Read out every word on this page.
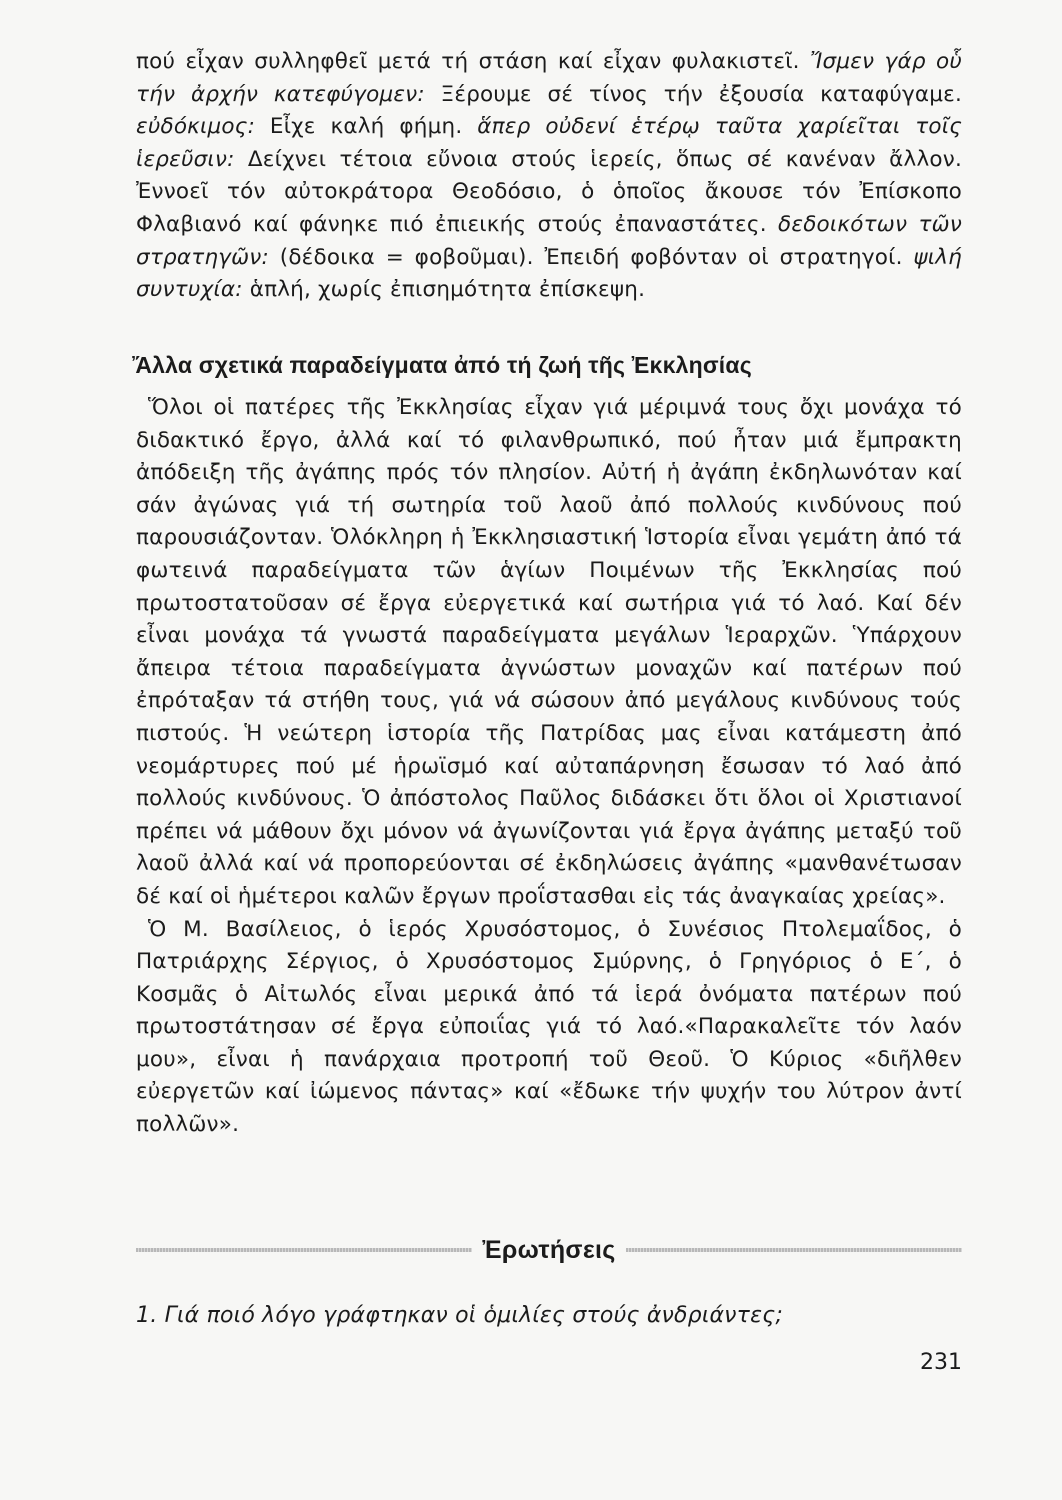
πού εἶχαν συλληφθεῖ μετά τή στάση καί εἶχαν φυλακιστεῖ. Ἴσμεν γάρ οὗ τήν ἀρχήν κατεφύγομεν: Ξέρουμε σέ τίνος τήν ἐξουσία καταφύγαμε. εὐδόκιμος: Εἶχε καλή φήμη. ἅπερ οὐδενί ἑτέρῳ ταῦτα χαρίεῖται τοῖς ἱερεῦσιν: Δείχνει τέτοια εὔνοια στούς ἱερείς, ὅπως σέ κανέναν ἄλλον. Ἐννοεῖ τόν αὐτοκράτορα Θεοδόσιο, ὁ ὁποῖος ἄκουσε τόν Ἐπίσκοπο Φλαβιανό καί φάνηκε πιό ἐπιεικής στούς ἐπαναστάτες. δεδοικότων τῶν στρατηγῶν: (δέδοικα = φοβοῦμαι). Ἐπειδή φοβόνταν οἱ στρατηγοί. ψιλή συντυχία: ἁπλή, χωρίς ἐπισημότητα ἐπίσκεψη.

Ἄλλα σχετικά παραδείγματα ἀπό τή ζωή τῆς Ἐκκλησίας

Ὅλοι οἱ πατέρες τῆς Ἐκκλησίας εἶχαν γιά μέριμνά τους ὄχι μονάχα τό διδακτικό ἔργο, ἀλλά καί τό φιλανθρωπικό, πού ἦταν μιά ἔμπρακτη ἀπόδειξη τῆς ἀγάπης πρός τόν πλησίον. Αὐτή ἡ ἀγάπη ἐκδηλωνόταν καί σάν ἀγώνας γιά τή σωτηρία τοῦ λαοῦ ἀπό πολλούς κινδύνους πού παρουσιάζονταν. Ὁλόκληρη ἡ Ἐκκλησιαστική Ἱστορία εἶναι γεμάτη ἀπό τά φωτεινά παραδείγματα τῶν ἁγίων Ποιμένων τῆς Ἐκκλησίας πού πρωτοστατοῦσαν σέ ἔργα εὐεργετικά καί σωτήρια γιά τό λαό. Καί δέν εἶναι μονάχα τά γνωστά παραδείγματα μεγάλων Ἱεραρχῶν. Ὑπάρχουν ἄπειρα τέτοια παραδείγματα ἀγνώστων μοναχῶν καί πατέρων πού ἐπρόταξαν τά στήθη τους, γιά νά σώσουν ἀπό μεγάλους κινδύνους τούς πιστούς. Ἡ νεώτερη ἱστορία τῆς Πατρίδας μας εἶναι κατάμεστη ἀπό νεομάρτυρες πού μέ ἡρωϊσμό καί αὐταπάρνηση ἔσωσαν τό λαό ἀπό πολλούς κινδύνους. Ὁ ἀπόστολος Παῦλος διδάσκει ὅτι ὅλοι οἱ Χριστιανοί πρέπει νά μάθουν ὄχι μόνον νά ἀγωνίζονται γιά ἔργα ἀγάπης μεταξύ τοῦ λαοῦ ἀλλά καί νά προπορεύονται σέ ἐκδηλώσεις ἀγάπης «μανθανέτωσαν δέ καί οἱ ἡμέτεροι καλῶν ἔργων προΐστασθαι εἰς τάς ἀναγκαίας χρείας».

Ὁ Μ. Βασίλειος, ὁ ἱερός Χρυσόστομος, ὁ Συνέσιος Πτολεμαΐδος, ὁ Πατριάρχης Σέργιος, ὁ Χρυσόστομος Σμύρνης, ὁ Γρηγόριος ὁ Ε΄, ὁ Κοσμᾶς ὁ Αἰτωλός εἶναι μερικά ἀπό τά ἱερά ὀνόματα πατέρων πού πρωτοστάτησαν σέ ἔργα εὐποιΐας γιά τό λαό.«Παρακαλεῖτε τόν λαόν μου», εἶναι ἡ πανάρχαια προτροπή τοῦ Θεοῦ. Ὁ Κύριος «διῆλθεν εὐεργετῶν καί ἰώμενος πάντας» καί «ἔδωκε τήν ψυχήν του λύτρον ἀντί πολλῶν».

Ἐρωτήσεις
1. Γιά ποιό λόγο γράφτηκαν οἱ ὁμιλίες στούς ἀνδριάντες;
231
